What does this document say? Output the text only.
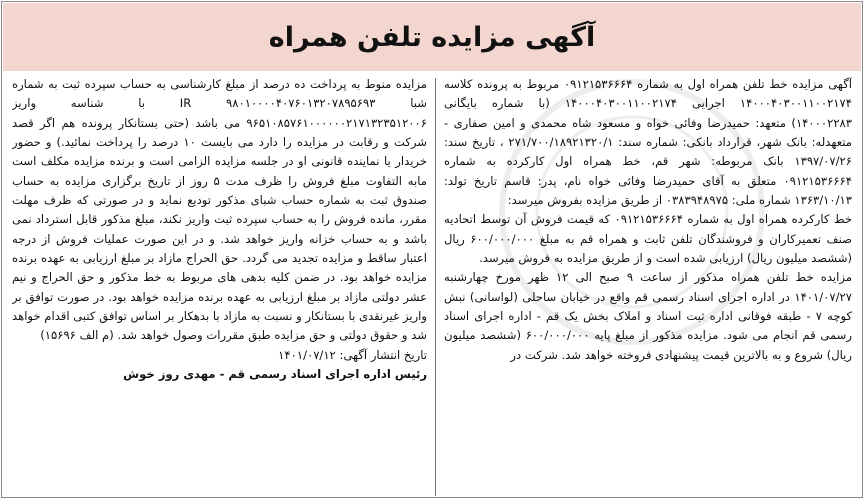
آگهی مزایده تلفن همراه

آگهی مزایده خط تلفن همراه اول به شماره ۰۹۱۲۱۵۳۶۶۶۴ مربوط به پرونده کلاسه ۱۴۰۰۰۴۰۳۰۰۱۱۰۰۲۱۷۴ اجرایی ۱۴۰۰۰۴۰۳۰۰۱۱۰۰۲۱۷۴ (با شماره بایگانی ۱۴۰۰۰۲۲۸۳) متعهد: حمیدرضا وفائی خواه و مسعود شاه محمدی و امین صفاری - متعهدله: بانک شهر، قرارداد بانکی: شماره سند: ۲۷۱/۷۰۰/۱۸۹۲۱۳۲۰/۱ ، تاریخ سند: ۱۳۹۷/۰۷/۲۶ بانک مربوطه: شهر قم، خط همراه اول کارکرده به شماره ۰۹۱۲۱۵۳۶۶۶۴ متعلق به آقای حمیدرضا وفائی خواه نام، پدر: قاسم تاریخ تولد: ۱۳۶۳/۱۰/۱۳ شماره ملی: ۰۳۸۳۹۴۸۹۷۵ از طریق مزایده بفروش میرسد:

خط کارکرده همراه اول به شماره ۰۹۱۲۱۵۳۶۶۶۴ که قیمت فروش آن توسط اتحادیه صنف تعمیرکاران و فروشندگان تلفن ثابت و همراه قم به مبلغ ۶۰۰/۰۰۰/۰۰۰ ریال (ششصد میلیون ریال) ارزیابی شده است و از طریق مزایده به فروش میرسد.

مزایده خط تلفن همراه مذکور از ساعت ۹ صبح الی ۱۲ ظهر مورخ چهارشنبه ۱۴۰۱/۰۷/۲۷ در اداره اجرای اسناد رسمی قم واقع در خیابان ساحلی (لواسانی) نبش کوچه ۷ - طبقه فوقانی اداره ثبت اسناد و املاک بخش یک قم - اداره اجرای اسناد رسمی قم انجام می شود. مزایده مذکور از مبلغ پایه ۶۰۰/۰۰۰/۰۰۰ (ششصد میلیون ریال) شروع و به بالاترین قیمت پیشنهادی فروخته خواهد شد. شرکت در

مزایده منوط به پرداخت ده درصد از مبلغ کارشناسی به حساب سپرده ثبت به شماره شبا IR ۹۸۰۱۰۰۰۰۴۰۷۶۰۱۳۲۰۷۸۹۵۶۹۳ با شناسه واریز ۹۶۵۱۰۸۵۷۶۱۰۰۰۰۰۰۲۱۷۱۳۲۳۵۱۲۰۰۶ می باشد (حتی بستانکار پرونده هم اگر قصد شرکت و رقابت در مزایده را دارد می بایست ۱۰ درصد را پرداخت نمائید.) و حضور خریدار یا نماینده قانونی او در جلسه مزایده الزامی است و برنده مزایده مکلف است مابه التفاوت مبلغ فروش را ظرف مدت ۵ روز از تاریخ برگزاری مزایده به حساب صندوق ثبت به شماره حساب شبای مذکور تودیع نماید و در صورتی که ظرف مهلت مقرر، مانده فروش را به حساب سپرده ثبت واریز نکند، مبلغ مذکور قابل استرداد نمی باشد و به حساب خزانه واریز خواهد شد. و در این صورت عملیات فروش از درجه اعتبار ساقط و مزایده تجدید می گردد. حق الحراج مازاد بر مبلغ ارزیابی به عهده برنده مزایده خواهد بود. در ضمن کلیه بدهی های مربوط به خط مذکور و حق الحراج و نیم عشر دولتی مازاد بر مبلغ ارزیابی به عهده برنده مزایده خواهد بود. در صورت توافق بر واریز غیرنقدی با بستانکار و نسبت به مازاد با بدهکار بر اساس توافق کتبی اقدام خواهد شد و حقوق دولتی و حق مزایده طبق مقررات وصول خواهد شد. (م الف ۱۵۶۹۶)

تاریخ انتشار آگهی: ۱۴۰۱/۰۷/۱۲

رئیس اداره اجرای اسناد رسمی قم - مهدی روز خوش
